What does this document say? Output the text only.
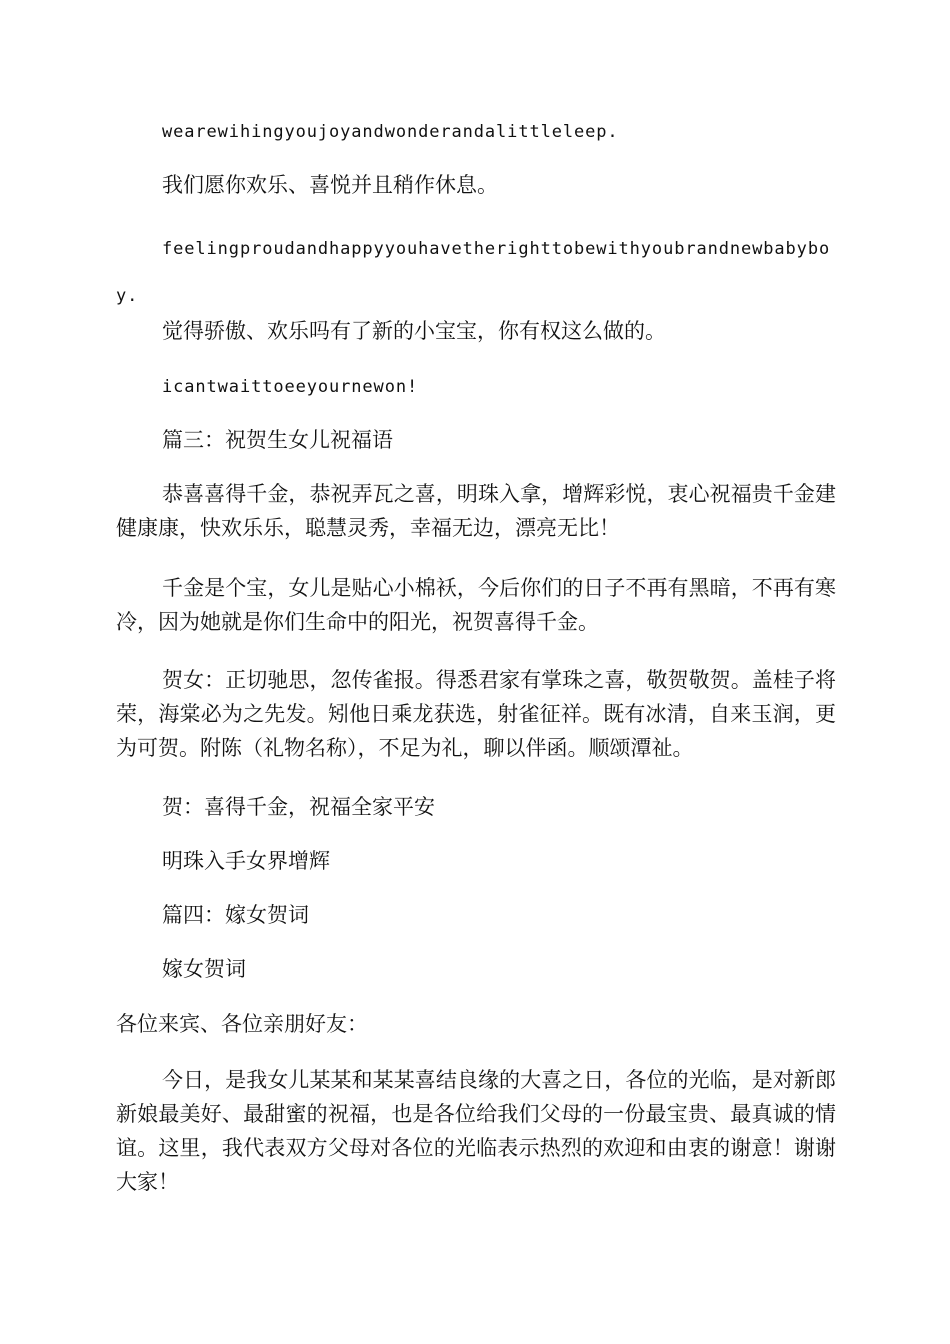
wearewihingyoujoyandwonderandalittleleep.

我们愿你欢乐、喜悦并且稍作休息。

feelingproudandhappyyouhavetherighttobewithyoubrandnewbabyboy.

觉得骄傲、欢乐吗有了新的小宝宝，你有权这么做的。

icantwaittoeeyournewon!

篇三：祝贺生女儿祝福语

恭喜喜得千金，恭祝弄瓦之喜，明珠入拿，增辉彩悦，衷心祝福贵千金建健康康，快欢乐乐，聪慧灵秀，幸福无边，漂亮无比！

千金是个宝，女儿是贴心小棉袄，今后你们的日子不再有黑暗，不再有寒冷，因为她就是你们生命中的阳光，祝贺喜得千金。

贺女：正切驰思，忽传雀报。得悉君家有掌珠之喜，敬贺敬贺。盖桂子将荣，海棠必为之先发。矧他日乘龙获选，射雀征祥。既有冰清，自来玉润，更为可贺。附陈（礼物名称），不足为礼，聊以伴函。顺颂潭祉。

贺：喜得千金，祝福全家平安

明珠入手女界增辉

篇四：嫁女贺词

嫁女贺词

各位来宾、各位亲朋好友：

今日，是我女儿某某和某某喜结良缘的大喜之日，各位的光临，是对新郎新娘最美好、最甜蜜的祝福，也是各位给我们父母的一份最宝贵、最真诚的情谊。这里，我代表双方父母对各位的光临表示热烈的欢迎和由衷的谢意！谢谢大家！
